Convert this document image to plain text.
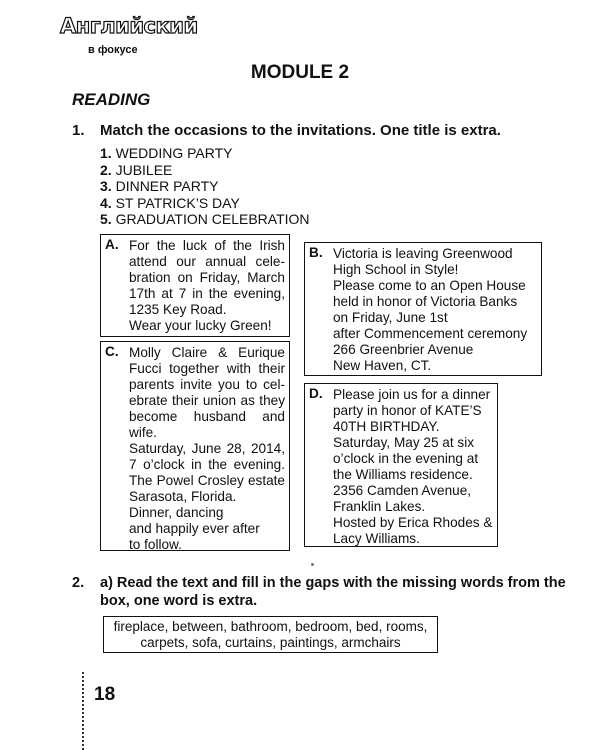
Английский
в фокусе
MODULE 2
READING
1. Match the occasions to the invitations. One title is extra.
1. WEDDING PARTY
2. JUBILEE
3. DINNER PARTY
4. ST PATRICK’S DAY
5. GRADUATION CELEBRATION
A. For the luck of the Irish
attend our annual cele-
bration on Friday, March
17th at 7 in the evening,
1235 Key Road.
Wear your lucky Green!
B. Victoria is leaving Greenwood
High School in Style!
Please come to an Open House
held in honor of Victoria Banks
on Friday, June 1st
after Commencement ceremony
266 Greenbrier Avenue
New Haven, CT.
C. Molly Claire & Eurique
Fucci together with their
parents invite you to cel-
ebrate their union as they
become husband and
wife.
Saturday, June 28, 2014,
7 o’clock in the evening.
The Powel Crosley estate
Sarasota, Florida.
Dinner, dancing
and happily ever after
to follow.
D. Please join us for a dinner
party in honor of KATE’S
40TH BIRTHDAY.
Saturday, May 25 at six
o’clock in the evening at
the Williams residence.
2356 Camden Avenue,
Franklin Lakes.
Hosted by Erica Rhodes &
Lacy Williams.
2. a) Read the text and fill in the gaps with the missing words from the
box, one word is extra.
fireplace, between, bathroom, bedroom, bed, rooms,
carpets, sofa, curtains, paintings, armchairs
18
